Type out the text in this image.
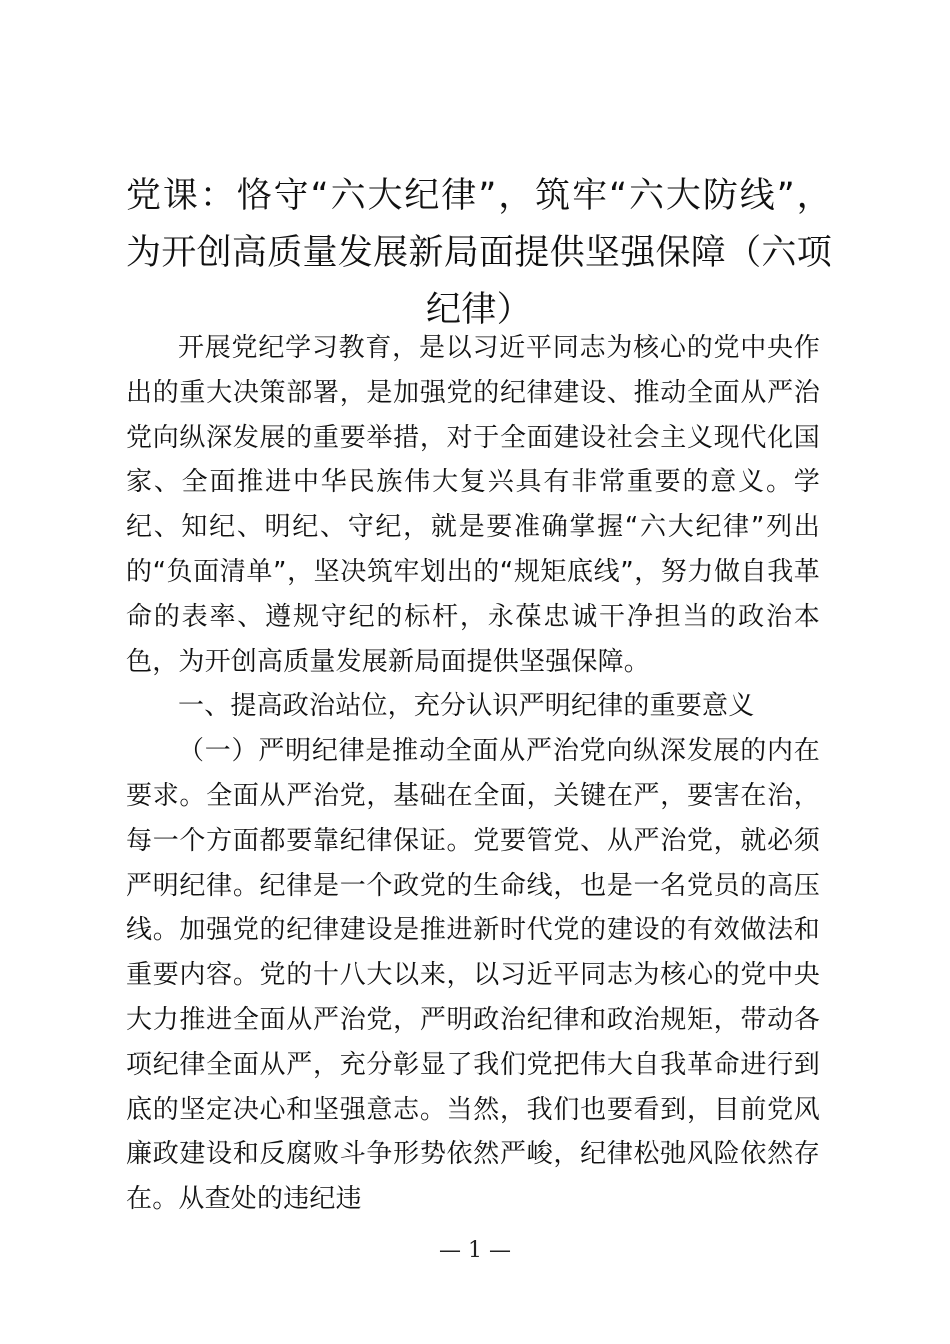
党课：恪守“六大纪律”，筑牢“六大防线”，为开创高质量发展新局面提供坚强保障（六项纪律）

开展党纪学习教育，是以习近平同志为核心的党中央作出的重大决策部署，是加强党的纪律建设、推动全面从严治党向纵深发展的重要举措，对于全面建设社会主义现代化国家、全面推进中华民族伟大复兴具有非常重要的意义。学纪、知纪、明纪、守纪，就是要准确掌握“六大纪律”列出的“负面清单”，坚决筑牢划出的“规矩底线”，努力做自我革命的表率、遵规守纪的标杆，永葆忠诚干净担当的政治本色，为开创高质量发展新局面提供坚强保障。

一、提高政治站位，充分认识严明纪律的重要意义

（一）严明纪律是推动全面从严治党向纵深发展的内在要求。全面从严治党，基础在全面，关键在严，要害在治，每一个方面都要靠纪律保证。党要管党、从严治党，就必须严明纪律。纪律是一个政党的生命线，也是一名党员的高压线。加强党的纪律建设是推进新时代党的建设的有效做法和重要内容。党的十八大以来，以习近平同志为核心的党中央大力推进全面从严治党，严明政治纪律和政治规矩，带动各项纪律全面从严，充分彰显了我们党把伟大自我革命进行到底的坚定决心和坚强意志。当然，我们也要看到，目前党风廉政建设和反腐败斗争形势依然严峻，纪律松弛风险依然存在。从查处的违纪违

— 1 —
